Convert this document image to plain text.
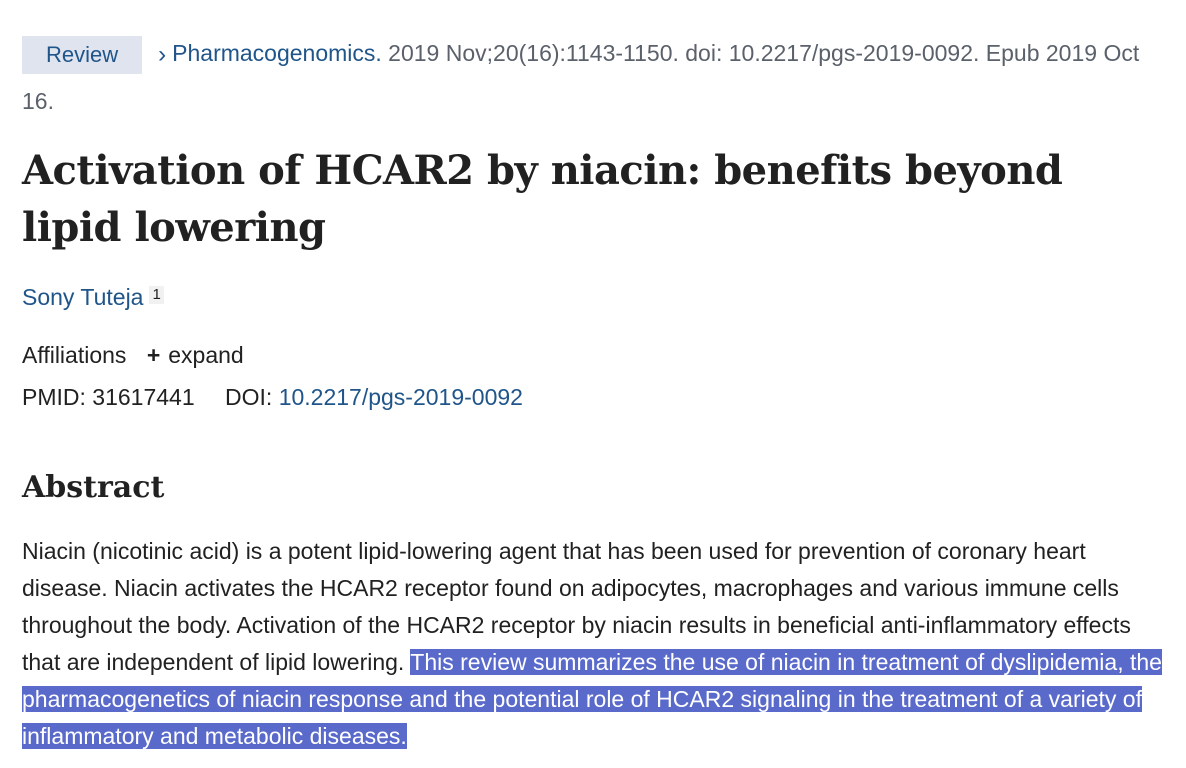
Review › Pharmacogenomics. 2019 Nov;20(16):1143-1150. doi: 10.2217/pgs-2019-0092. Epub 2019 Oct 16.
Activation of HCAR2 by niacin: benefits beyond lipid lowering
Sony Tuteja 1
Affiliations + expand
PMID: 31617441 DOI: 10.2217/pgs-2019-0092
Abstract

Niacin (nicotinic acid) is a potent lipid-lowering agent that has been used for prevention of coronary heart disease. Niacin activates the HCAR2 receptor found on adipocytes, macrophages and various immune cells throughout the body. Activation of the HCAR2 receptor by niacin results in beneficial anti-inflammatory effects that are independent of lipid lowering. This review summarizes the use of niacin in treatment of dyslipidemia, the pharmacogenetics of niacin response and the potential role of HCAR2 signaling in the treatment of a variety of inflammatory and metabolic diseases.
